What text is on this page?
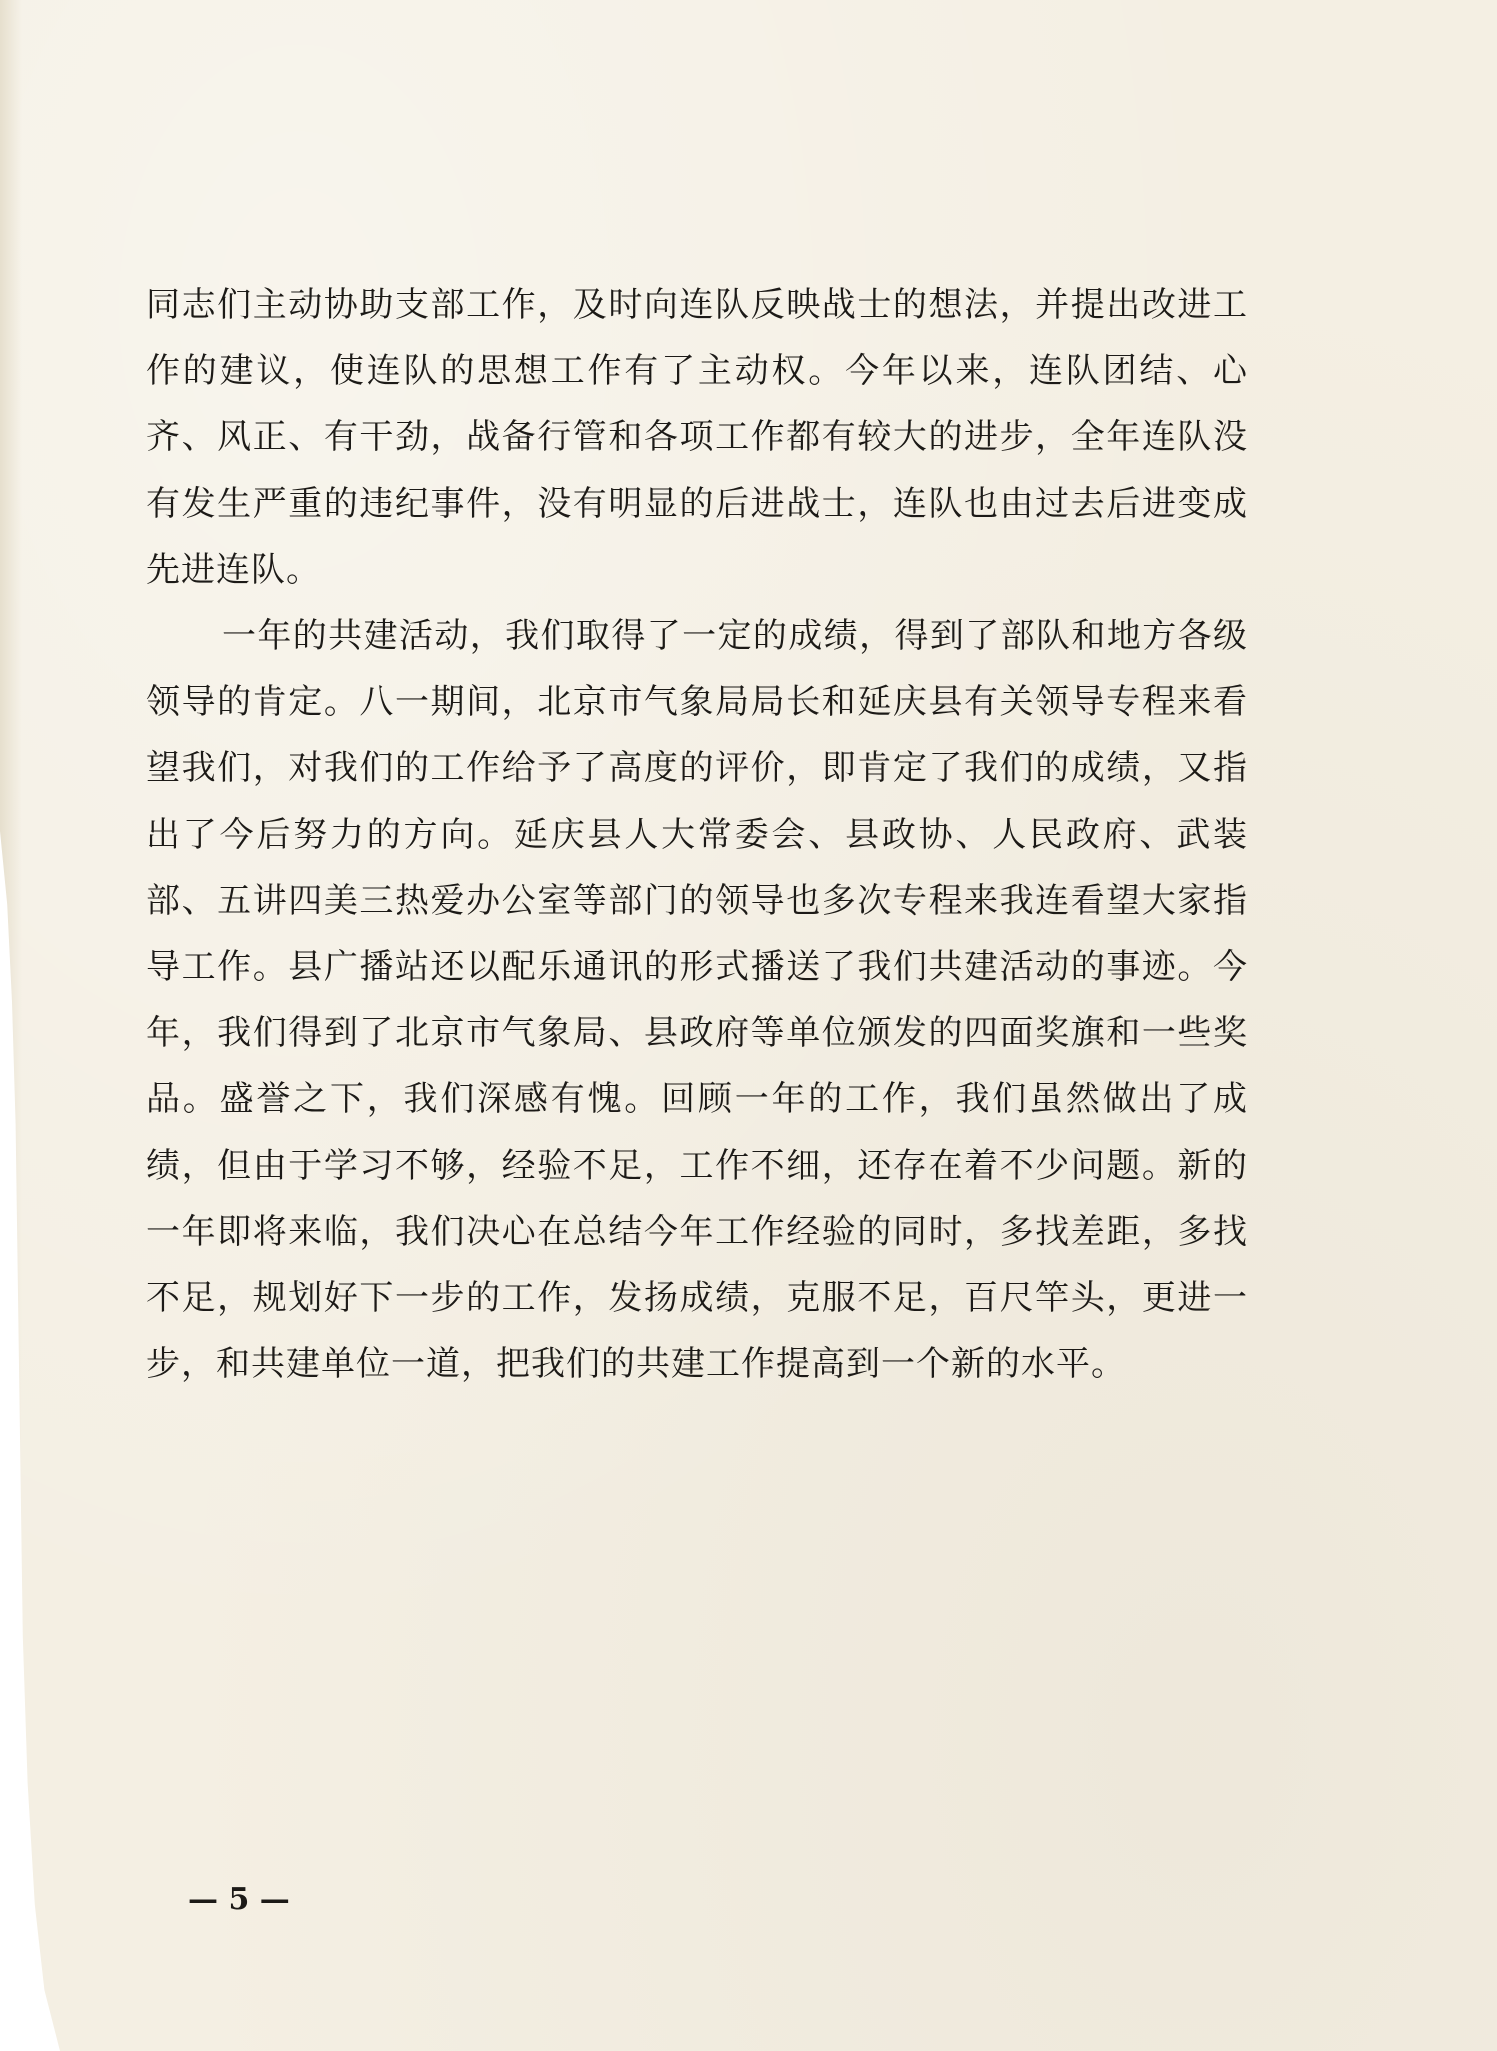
同志们主动协助支部工作，及时向连队反映战士的想法，并提出改进工作的建议，使连队的思想工作有了主动权。今年以来，连队团结、心齐、风正、有干劲，战备行管和各项工作都有较大的进步，全年连队没有发生严重的违纪事件，没有明显的后进战士，连队也由过去后进变成先进连队。

一年的共建活动，我们取得了一定的成绩，得到了部队和地方各级领导的肯定。八一期间，北京市气象局局长和延庆县有关领导专程来看望我们，对我们的工作给予了高度的评价，即肯定了我们的成绩，又指出了今后努力的方向。延庆县人大常委会、县政协、人民政府、武装部、五讲四美三热爱办公室等部门的领导也多次专程来我连看望大家指导工作。县广播站还以配乐通讯的形式播送了我们共建活动的事迹。今年，我们得到了北京市气象局、县政府等单位颁发的四面奖旗和一些奖品。盛誉之下，我们深感有愧。回顾一年的工作，我们虽然做出了成绩，但由于学习不够，经验不足，工作不细，还存在着不少问题。新的一年即将来临，我们决心在总结今年工作经验的同时，多找差距，多找不足，规划好下一步的工作，发扬成绩，克服不足，百尺竿头，更进一步，和共建单位一道，把我们的共建工作提高到一个新的水平。

— 5 —
